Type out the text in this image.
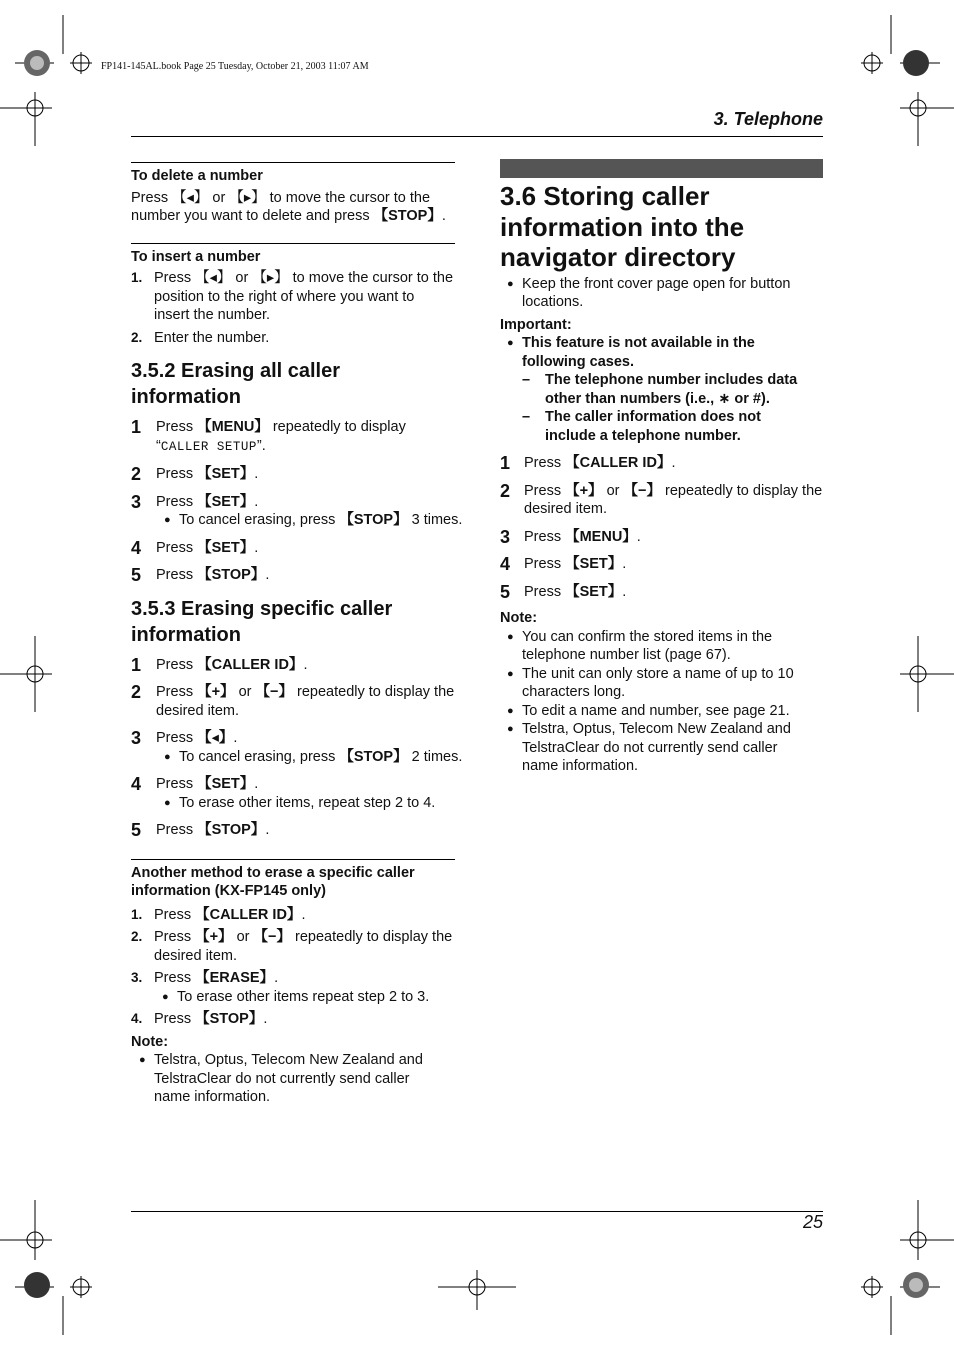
FP141-145AL.book Page 25 Tuesday, October 21, 2003 11:07 AM
3. Telephone
To delete a number
Press 【◂】 or 【▸】 to move the cursor to the
number you want to delete and press 【STOP】.
To insert a number
1. Press 【◂】 or 【▸】 to move the cursor to the
position to the right of where you want to
insert the number.
2. Enter the number.
3.5.2 Erasing all caller
information
1 Press 【MENU】 repeatedly to display
“CALLER SETUP”.
2 Press 【SET】.
3 Press 【SET】.
● To cancel erasing, press 【STOP】 3 times.
4 Press 【SET】.
5 Press 【STOP】.
3.5.3 Erasing specific caller
information
1 Press 【CALLER ID】.
2 Press 【+】 or 【−】 repeatedly to display the
desired item.
3 Press 【◂】.
● To cancel erasing, press 【STOP】 2 times.
4 Press 【SET】.
● To erase other items, repeat step 2 to 4.
5 Press 【STOP】.
Another method to erase a specific caller
information (KX-FP145 only)
1. Press 【CALLER ID】.
2. Press 【+】 or 【−】 repeatedly to display the
desired item.
3. Press 【ERASE】.
● To erase other items repeat step 2 to 3.
4. Press 【STOP】.
Note:
● Telstra, Optus, Telecom New Zealand and
TelstraClear do not currently send caller
name information.
3.6 Storing caller
information into the
navigator directory
● Keep the front cover page open for button
locations.
Important:
● This feature is not available in the
following cases.
– The telephone number includes data
other than numbers (i.e., ∗ or #).
– The caller information does not
include a telephone number.
1 Press 【CALLER ID】.
2 Press 【+】 or 【−】 repeatedly to display the
desired item.
3 Press 【MENU】.
4 Press 【SET】.
5 Press 【SET】.
Note:
● You can confirm the stored items in the
telephone number list (page 67).
● The unit can only store a name of up to 10
characters long.
● To edit a name and number, see page 21.
● Telstra, Optus, Telecom New Zealand and
TelstraClear do not currently send caller
name information.
25
